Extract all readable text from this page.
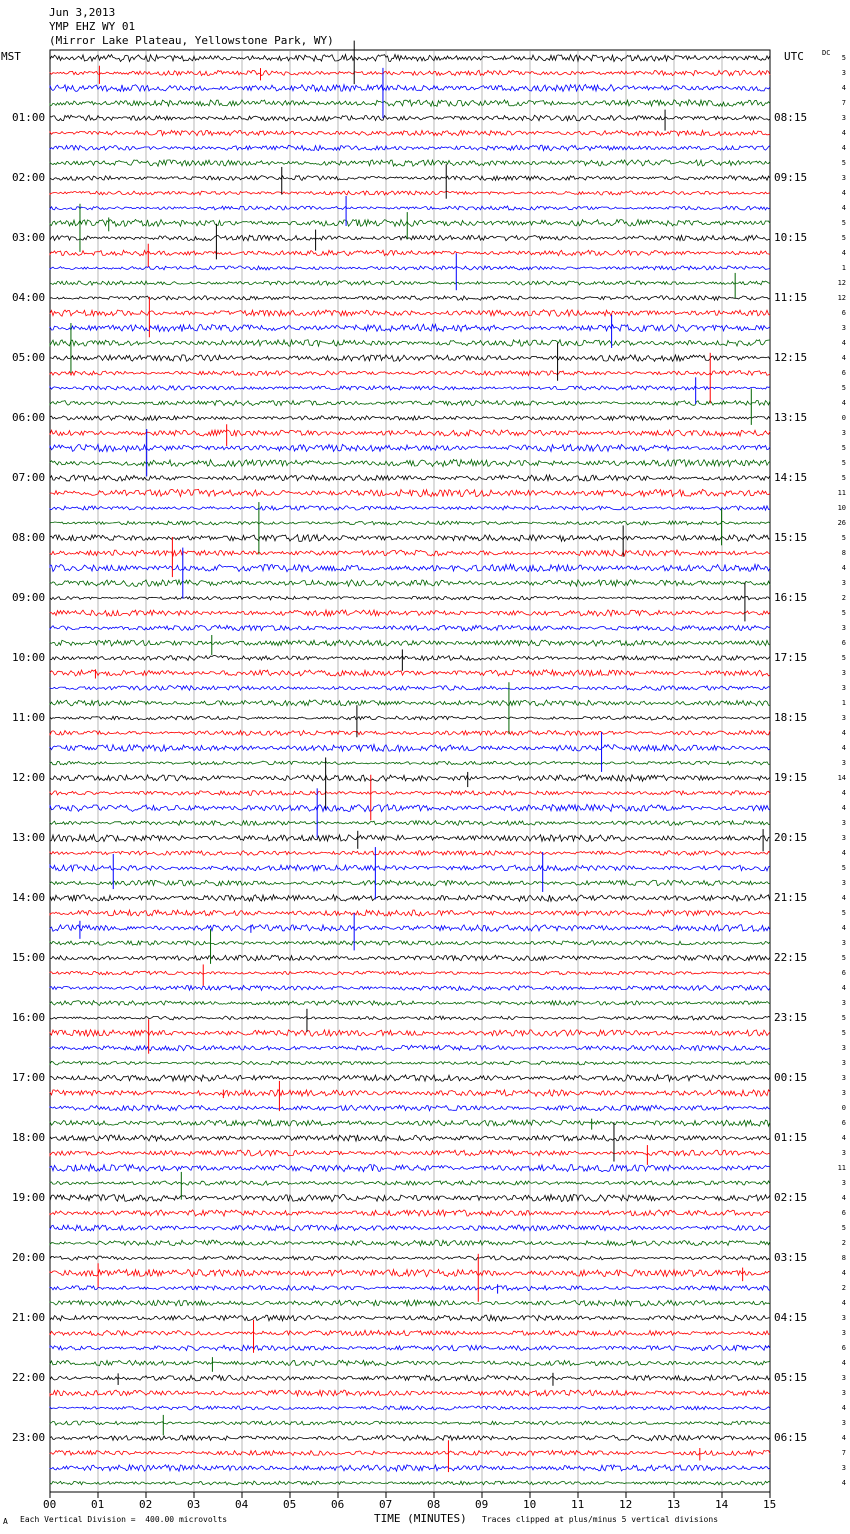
Jun 3,2013
YMP EHZ WY 01
(Mirror Lake Plateau, Yellowstone Park, WY)
MST	UTC	DC
01:00
02:00
03:00
04:00
05:00
06:00
07:00
08:00
09:00
10:00
11:00
12:00
13:00
14:00
15:00
16:00
17:00
18:00
19:00
20:00
21:00
22:00
23:00
08:15
09:15
10:15
11:15
12:15
13:15
14:15
15:15
16:15
17:15
18:15
19:15
20:15
21:15
22:15
23:15
00:15
01:15
02:15
03:15
04:15
05:15
06:15
5
3
4
7
3
4
4
5
3
4
4
5
5
4
1
12
12
6
3
4
4
6
5
4
0
3
5
5
5
11
10
26
5
8
4
3
2
5
3
6
5
3
3
1
3
4
4
3
14
4
4
3
3
4
5
3
4
5
4
3
5
6
4
3
5
5
3
3
3
3
0
6
4
3
11
3
4
6
5
2
8
4
2
4
3
3
6
4
3
3
4
3
4
7
3
4
00	01	02	03	04	05	06	07	08	09	10	11	12	13	14	15
A Each Vertical Division =  400.00 microvolts	TIME (MINUTES) Traces clipped at plus/minus 5 vertical divisions
